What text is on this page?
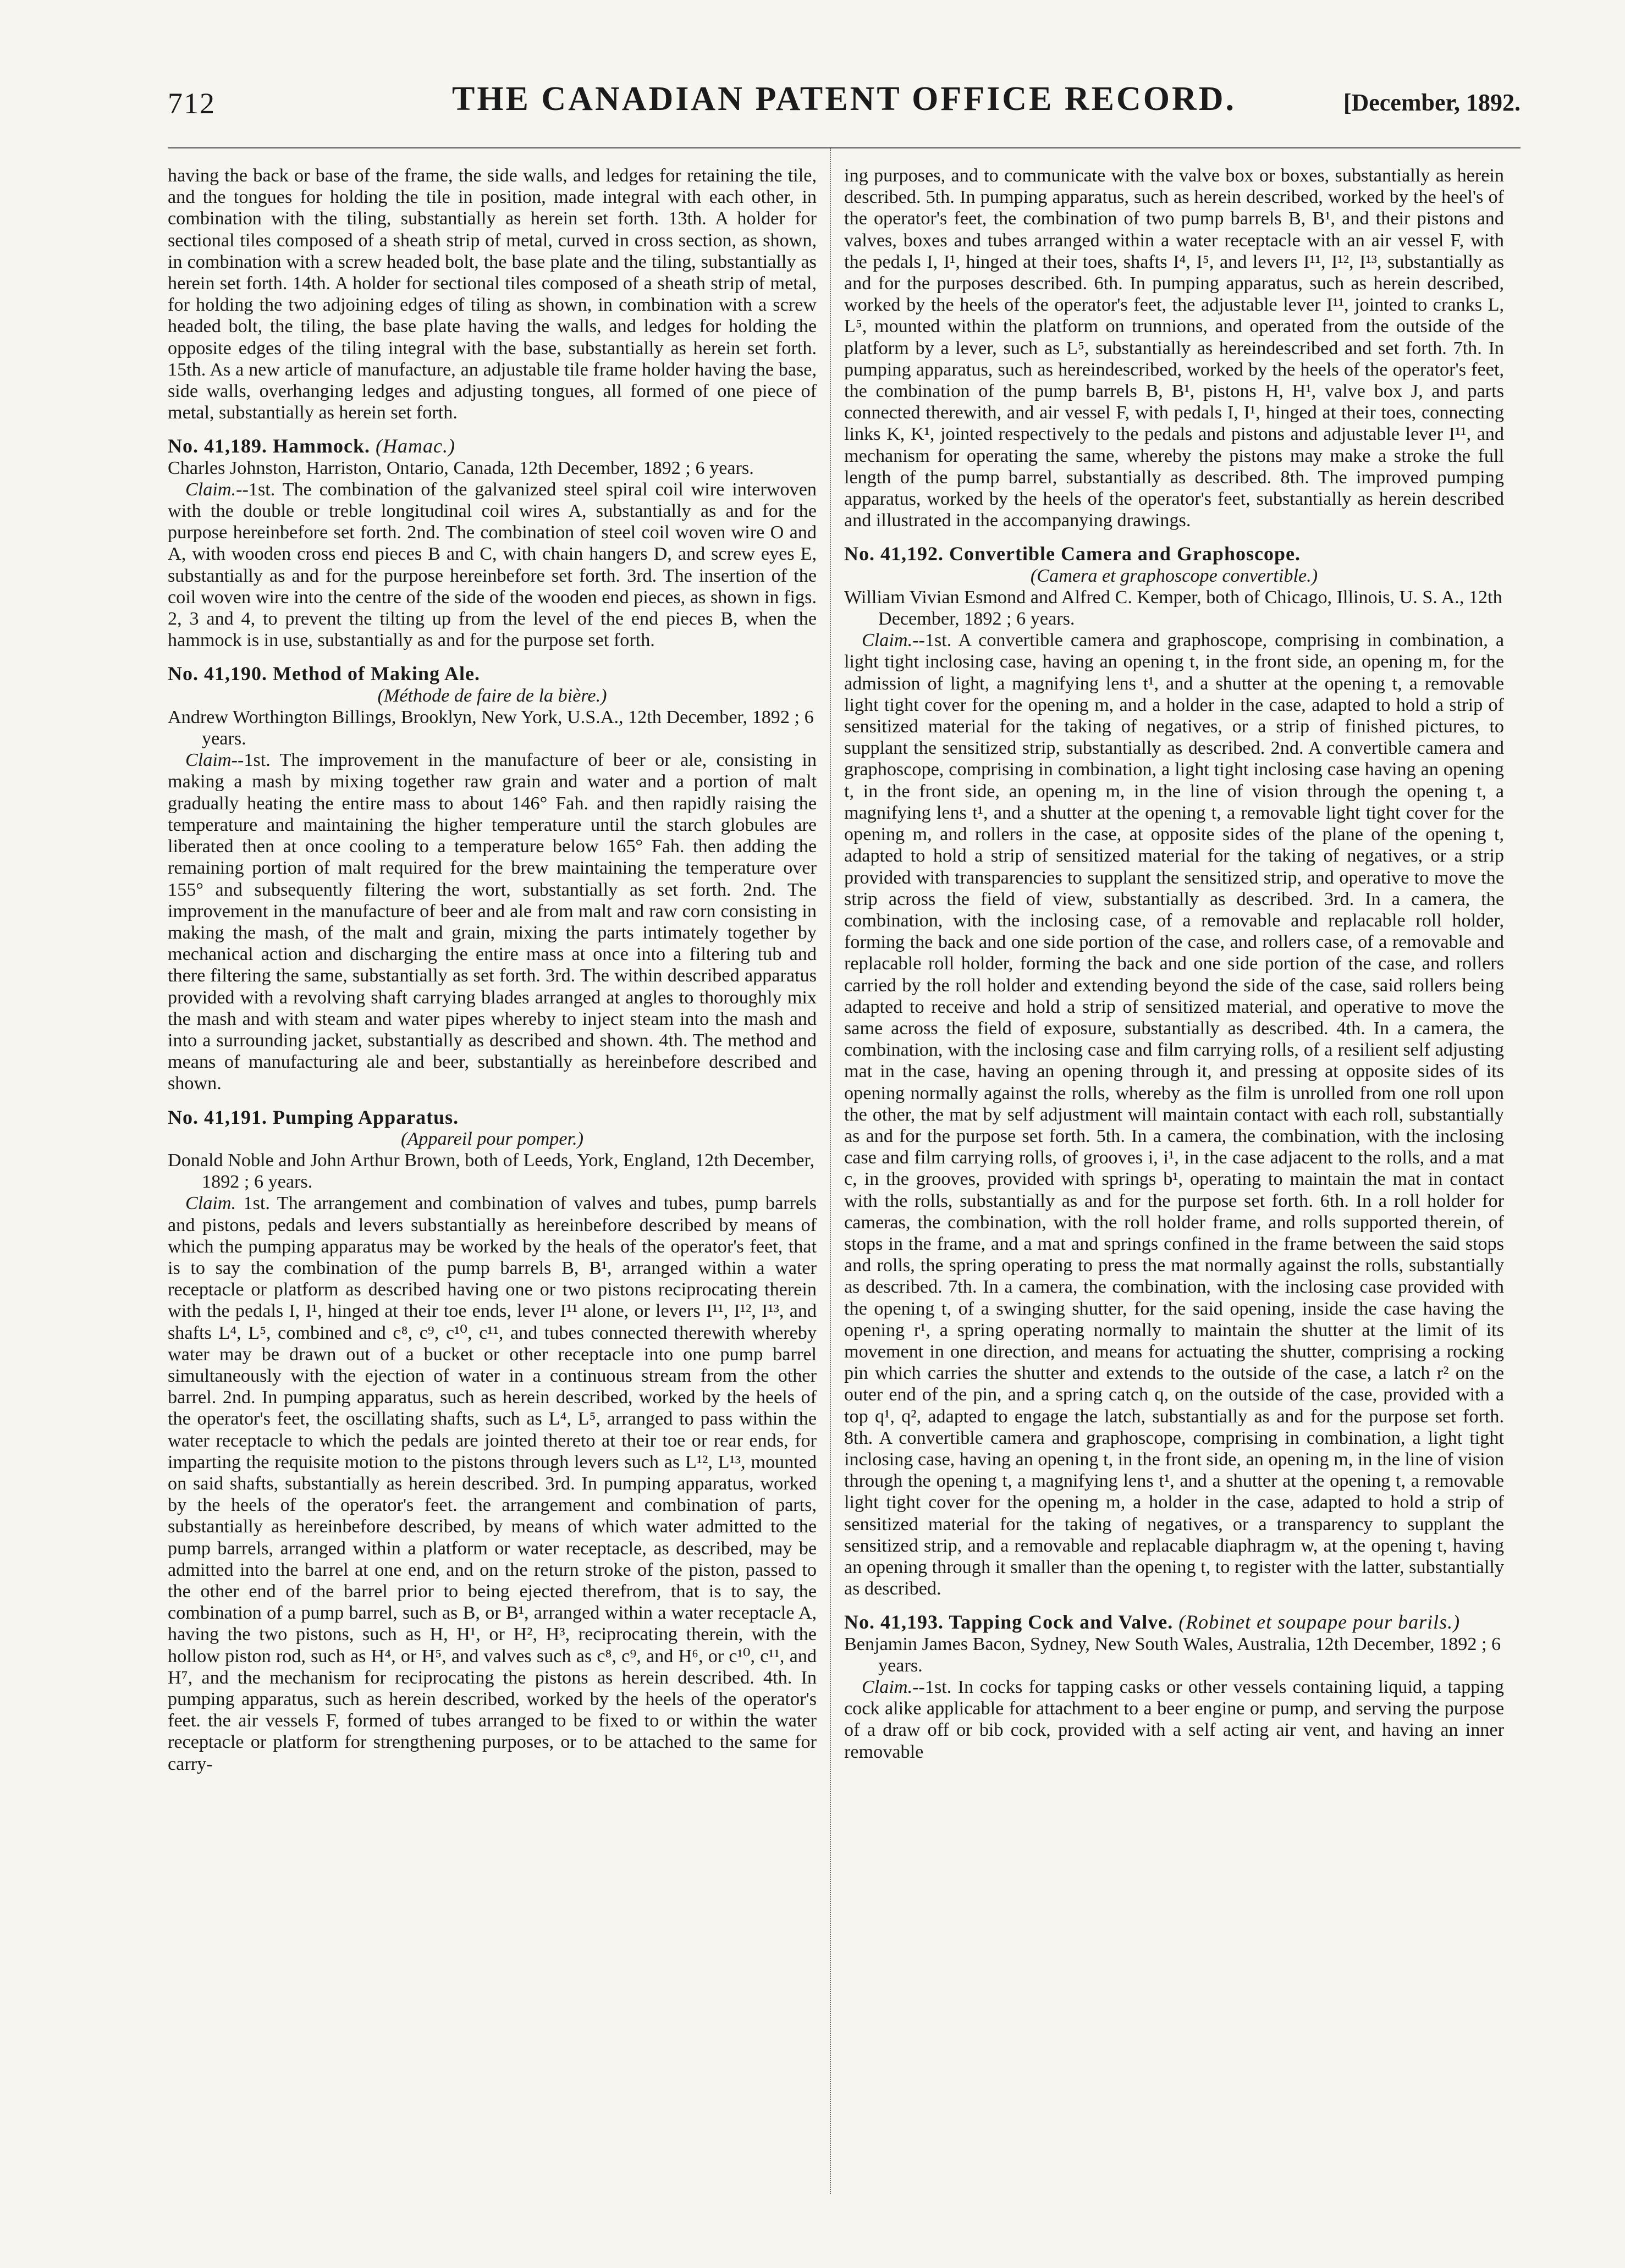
712	THE CANADIAN PATENT OFFICE RECORD.	[December, 1892.

having the back or base of the frame, the side walls, and ledges for retaining the tile, and the tongues for holding the tile in position, made integral with each other, in combination with the tiling, substantially as herein set forth. 13th. A holder for sectional tiles composed of a sheath strip of metal, curved in cross section, as shown, in combination with a screw headed bolt, the base plate and the tiling, substantially as herein set forth. 14th. A holder for sectional tiles composed of a sheath strip of metal, for holding the two adjoining edges of tiling as shown, in combination with a screw headed bolt, the tiling, the base plate having the walls, and ledges for holding the opposite edges of the tiling integral with the base, substantially as herein set forth. 15th. As a new article of manufacture, an adjustable tile frame holder having the base, side walls, overhanging ledges and adjusting tongues, all formed of one piece of metal, substantially as herein set forth.

No. 41,189. Hammock. (Hamac.)

Charles Johnston, Harriston, Ontario, Canada, 12th December, 1892 ; 6 years.

Claim.--1st. The combination of the galvanized steel spiral coil wire interwoven with the double or treble longitudinal coil wires A, substantially as and for the purpose hereinbefore set forth. 2nd. The combination of steel coil woven wire O and A, with wooden cross end pieces B and C, with chain hangers D, and screw eyes E, substantially as and for the purpose hereinbefore set forth. 3rd. The insertion of the coil woven wire into the centre of the side of the wooden end pieces, as shown in figs. 2, 3 and 4, to prevent the tilting up from the level of the end pieces B, when the hammock is in use, substantially as and for the purpose set forth.

No. 41,190. Method of Making Ale.

(Méthode de faire de la bière.)

Andrew Worthington Billings, Brooklyn, New York, U.S.A., 12th December, 1892 ; 6 years.

Claim--1st. The improvement in the manufacture of beer or ale, consisting in making a mash by mixing together raw grain and water and a portion of malt gradually heating the entire mass to about 146° Fah. and then rapidly raising the temperature and maintaining the higher temperature until the starch globules are liberated then at once cooling to a temperature below 165° Fah. then adding the remaining portion of malt required for the brew maintaining the temperature over 155° and subsequently filtering the wort, substantially as set forth. 2nd. The improvement in the manufacture of beer and ale from malt and raw corn consisting in making the mash, of the malt and grain, mixing the parts intimately together by mechanical action and discharging the entire mass at once into a filtering tub and there filtering the same, substantially as set forth. 3rd. The within described apparatus provided with a revolving shaft carrying blades arranged at angles to thoroughly mix the mash and with steam and water pipes whereby to inject steam into the mash and into a surrounding jacket, substantially as described and shown. 4th. The method and means of manufacturing ale and beer, substantially as hereinbefore described and shown.

No. 41,191. Pumping Apparatus.

(Appareil pour pomper.)

Donald Noble and John Arthur Brown, both of Leeds, York, England, 12th December, 1892 ; 6 years.

Claim. 1st. The arrangement and combination of valves and tubes, pump barrels and pistons, pedals and levers substantially as hereinbefore described by means of which the pumping apparatus may be worked by the heals of the operator's feet, that is to say the combination of the pump barrels B, B¹, arranged within a water receptacle or platform as described having one or two pistons reciprocating therein with the pedals I, I¹, hinged at their toe ends, lever I¹¹ alone, or levers I¹¹, I¹², I¹³, and shafts L⁴, L⁵, combined and c⁸, c⁹, c¹⁰, c¹¹, and tubes connected therewith whereby water may be drawn out of a bucket or other receptacle into one pump barrel simultaneously with the ejection of water in a continuous stream from the other barrel. 2nd. In pumping apparatus, such as herein described, worked by the heels of the operator's feet, the oscillating shafts, such as L⁴, L⁵, arranged to pass within the water receptacle to which the pedals are jointed thereto at their toe or rear ends, for imparting the requisite motion to the pistons through levers such as L¹², L¹³, mounted on said shafts, substantially as herein described. 3rd. In pumping apparatus, worked by the heels of the operator's feet. the arrangement and combination of parts, substantially as hereinbefore described, by means of which water admitted to the pump barrels, arranged within a platform or water receptacle, as described, may be admitted into the barrel at one end, and on the return stroke of the piston, passed to the other end of the barrel prior to being ejected therefrom, that is to say, the combination of a pump barrel, such as B, or B¹, arranged within a water receptacle A, having the two pistons, such as H, H¹, or H², H³, reciprocating therein, with the hollow piston rod, such as H⁴, or H⁵, and valves such as c⁸, c⁹, and H⁶, or c¹⁰, c¹¹, and H⁷, and the mechanism for reciprocating the pistons as herein described. 4th. In pumping apparatus, such as herein described, worked by the heels of the operator's feet. the air vessels F, formed of tubes arranged to be fixed to or within the water receptacle or platform for strengthening purposes, or to be attached to the same for carry-

ing purposes, and to communicate with the valve box or boxes, substantially as herein described. 5th. In pumping apparatus, such as herein described, worked by the heel's of the operator's feet, the combination of two pump barrels B, B¹, and their pistons and valves, boxes and tubes arranged within a water receptacle with an air vessel F, with the pedals I, I¹, hinged at their toes, shafts I⁴, I⁵, and levers I¹¹, I¹², I¹³, substantially as and for the purposes described. 6th. In pumping apparatus, such as herein described, worked by the heels of the operator's feet, the adjustable lever I¹¹, jointed to cranks L, L⁵, mounted within the platform on trunnions, and operated from the outside of the platform by a lever, such as L⁵, substantially as hereindescribed and set forth. 7th. In pumping apparatus, such as hereindescribed, worked by the heels of the operator's feet, the combination of the pump barrels B, B¹, pistons H, H¹, valve box J, and parts connected therewith, and air vessel F, with pedals I, I¹, hinged at their toes, connecting links K, K¹, jointed respectively to the pedals and pistons and adjustable lever I¹¹, and mechanism for operating the same, whereby the pistons may make a stroke the full length of the pump barrel, substantially as described. 8th. The improved pumping apparatus, worked by the heels of the operator's feet, substantially as herein described and illustrated in the accompanying drawings.

No. 41,192. Convertible Camera and Graphoscope.

(Camera et graphoscope convertible.)

William Vivian Esmond and Alfred C. Kemper, both of Chicago, Illinois, U. S. A., 12th December, 1892 ; 6 years.

Claim.--1st. A convertible camera and graphoscope, comprising in combination, a light tight inclosing case, having an opening t, in the front side, an opening m, for the admission of light, a magnifying lens t¹, and a shutter at the opening t, a removable light tight cover for the opening m, and a holder in the case, adapted to hold a strip of sensitized material for the taking of negatives, or a strip of finished pictures, to supplant the sensitized strip, substantially as described. 2nd. A convertible camera and graphoscope, comprising in combination, a light tight inclosing case having an opening t, in the front side, an opening m, in the line of vision through the opening t, a magnifying lens t¹, and a shutter at the opening t, a removable light tight cover for the opening m, and rollers in the case, at opposite sides of the plane of the opening t, adapted to hold a strip of sensitized material for the taking of negatives, or a strip provided with transparencies to supplant the sensitized strip, and operative to move the strip across the field of view, substantially as described. 3rd. In a camera, the combination, with the inclosing case, of a removable and replacable roll holder, forming the back and one side portion of the case, and rollers case, of a removable and replacable roll holder, forming the back and one side portion of the case, and rollers carried by the roll holder and extending beyond the side of the case, said rollers being adapted to receive and hold a strip of sensitized material, and operative to move the same across the field of exposure, substantially as described. 4th. In a camera, the combination, with the inclosing case and film carrying rolls, of a resilient self adjusting mat in the case, having an opening through it, and pressing at opposite sides of its opening normally against the rolls, whereby as the film is unrolled from one roll upon the other, the mat by self adjustment will maintain contact with each roll, substantially as and for the purpose set forth. 5th. In a camera, the combination, with the inclosing case and film carrying rolls, of grooves i, i¹, in the case adjacent to the rolls, and a mat c, in the grooves, provided with springs b¹, operating to maintain the mat in contact with the rolls, substantially as and for the purpose set forth. 6th. In a roll holder for cameras, the combination, with the roll holder frame, and rolls supported therein, of stops in the frame, and a mat and springs confined in the frame between the said stops and rolls, the spring operating to press the mat normally against the rolls, substantially as described. 7th. In a camera, the combination, with the inclosing case provided with the opening t, of a swinging shutter, for the said opening, inside the case having the opening r¹, a spring operating normally to maintain the shutter at the limit of its movement in one direction, and means for actuating the shutter, comprising a rocking pin which carries the shutter and extends to the outside of the case, a latch r² on the outer end of the pin, and a spring catch q, on the outside of the case, provided with a top q¹, q², adapted to engage the latch, substantially as and for the purpose set forth. 8th. A convertible camera and graphoscope, comprising in combination, a light tight inclosing case, having an opening t, in the front side, an opening m, in the line of vision through the opening t, a magnifying lens t¹, and a shutter at the opening t, a removable light tight cover for the opening m, a holder in the case, adapted to hold a strip of sensitized material for the taking of negatives, or a transparency to supplant the sensitized strip, and a removable and replacable diaphragm w, at the opening t, having an opening through it smaller than the opening t, to register with the latter, substantially as described.

No. 41,193. Tapping Cock and Valve. (Robinet et soupape pour barils.)

Benjamin James Bacon, Sydney, New South Wales, Australia, 12th December, 1892 ; 6 years.

Claim.--1st. In cocks for tapping casks or other vessels containing liquid, a tapping cock alike applicable for attachment to a beer engine or pump, and serving the purpose of a draw off or bib cock, provided with a self acting air vent, and having an inner removable
